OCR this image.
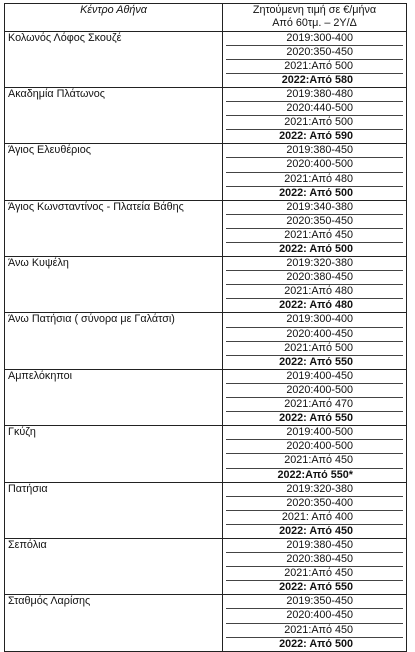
Κέντρο Αθήνα	Ζητούμενη τιμή σε €/μήνα
Από 60τμ. – 2Υ/Δ
Κολωνός Λόφος Σκουζέ	2019:300-400
2020:350-450
2021:Από 500
2022:Από 580

Ακαδημία Πλάτωνος	2019:380-480
2020:440-500
2021:Από 500
2022: Από 590

Άγιος Ελευθέριος	2019:380-450
2020:400-500
2021:Από 480
2022: Από 500

Άγιος Κωνσταντίνος - Πλατεία Βάθης	2019:340-380
2020:350-450
2021:Από 450
2022: Από 500

Άνω Κυψέλη	2019:320-380
2020:380-450
2021:Από 480
2022: Από 480

Άνω Πατήσια ( σύνορα με Γαλάτσι)	2019:300-400
2020:400-450
2021:Από 500
2022: Από 550

Αμπελόκηποι	2019:400-450
2020:400-500
2021:Από 470
2022: Από 550

Γκύζη	2019:400-500
2020:400-500
2021:Από 450
2022:Από 550*

Πατήσια	2019:320-380
2020:350-400
2021: Από 400
2022: Από 450

Σεπόλια	2019:380-450
2020:380-450
2021:Από 450
2022: Από 550

Σταθμός Λαρίσης	2019:350-450
2020:400-450
2021:Από 450
2022: Από 500
